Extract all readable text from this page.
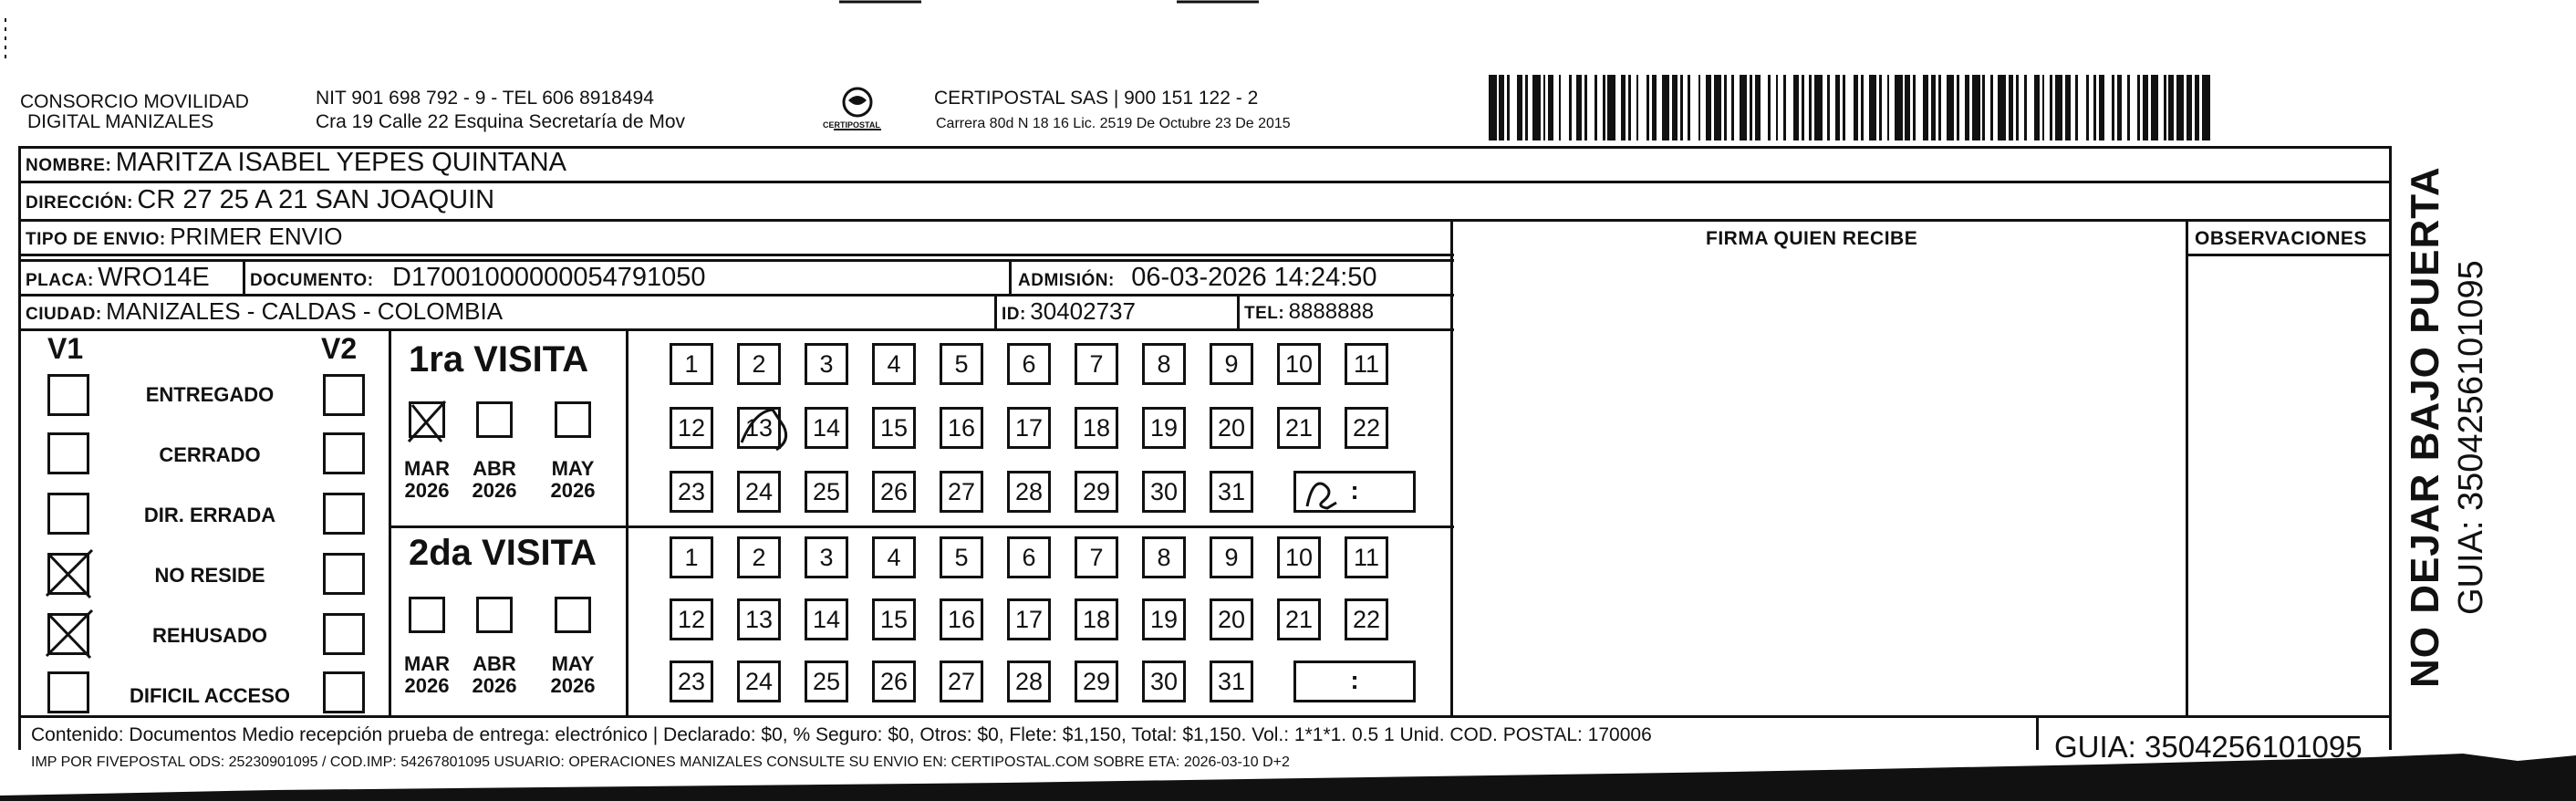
CONSORCIO MOVILIDAD
DIGITAL MANIZALES
NIT 901 698 792 - 9 - TEL 606 8918494
Cra 19 Calle 22 Esquina Secretaría de Mov	CERTIPOSTAL
CERTIPOSTAL SAS | 900 151 122 - 2
Carrera 80d N 18 16 Lic. 2519 De Octubre 23 De 2015
NOMBRE: MARITZA ISABEL YEPES QUINTANA
DIRECCIÓN: CR 27 25 A 21 SAN JOAQUIN
TIPO DE ENVIO: PRIMER ENVIO	FIRMA QUIEN RECIBE	OBSERVACIONES
PLACA: WRO14E DOCUMENTO: D17001000000054791050	ADMISIÓN: 06-03-2026 14:24:50
CIUDAD: MANIZALES - CALDAS - COLOMBIA	ID: 30402737	TEL: 8888888
V1	V2
ENTREGADO
CERRADO
DIR. ERRADA
NO RESIDE
REHUSADO
DIFICIL ACCESO
1ra VISITA
2da VISITA
MAR
2026
ABR
2026
MAY
2026
MAR
2026
ABR
2026
MAY
2026
1	2	3	4	5	6	7	8	9	10	11
12	13	14	15	16	17	18	19	20	21	22
23	24	25	26	27	28	29	30	31	:
1	2	3	4	5	6	7	8	9	10	11
12	13	14	15	16	17	18	19	20	21	22
23	24	25	26	27	28	29	30	31	:
Contenido: Documentos Medio recepción prueba de entrega: electrónico | Declarado: $0, % Seguro: $0, Otros: $0, Flete: $1,150, Total: $1,150. Vol.: 1*1*1. 0.5 1 Unid. COD. POSTAL: 170006
IMP POR FIVEPOSTAL ODS: 25230901095 / COD.IMP: 54267801095 USUARIO: OPERACIONES MANIZALES CONSULTE SU ENVIO EN: CERTIPOSTAL.COM SOBRE ETA: 2026-03-10 D+2	GUIA: 3504256101095
NO DEJAR BAJO PUERTA GUIA: 3504256101095
